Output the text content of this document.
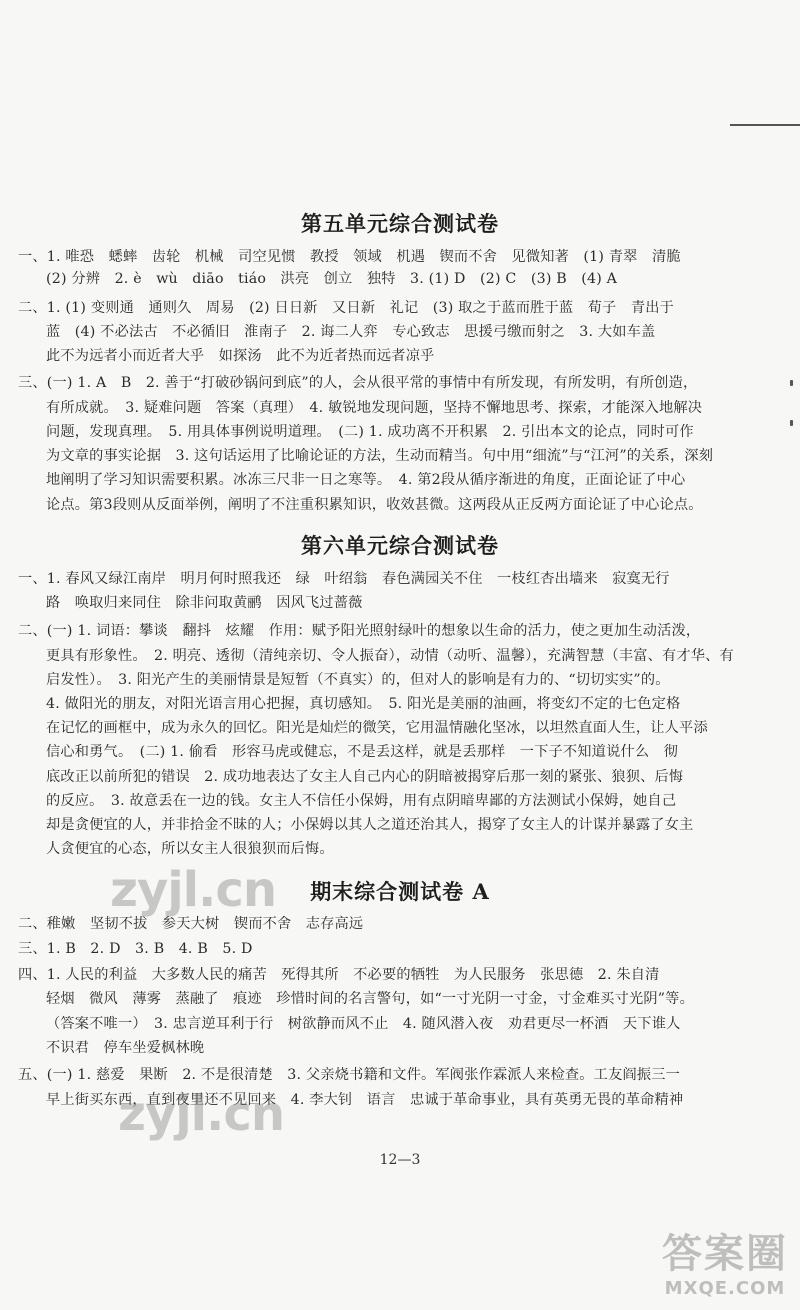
第五单元综合测试卷
一、1. 唯恐　蟋蟀　齿轮　机械　司空见惯　教授　领域　机遇　锲而不舍　见微知著　(1) 青翠　清脆
(2) 分辨　2. è　wù　diāo　tiáo　洪亮　创立　独特　3. (1) D　(2) C　(3) B　(4) A
二、1. (1) 变则通　通则久　周易　(2) 日日新　又日新　礼记　(3) 取之于蓝而胜于蓝　荀子　青出于
蓝　(4) 不必法古　不必循旧　淮南子　2. 诲二人弈　专心致志　思援弓缴而射之　3. 大如车盖
此不为远者小而近者大乎　如探汤　此不为近者热而远者凉乎
三、(一) 1. A　B　2. 善于“打破砂锅问到底”的人，会从很平常的事情中有所发现，有所发明，有所创造，
有所成就。　3. 疑难问题　答案（真理）　4. 敏锐地发现问题，坚持不懈地思考、探索，才能深入地解决
问题，发现真理。　5. 用具体事例说明道理。　(二) 1. 成功离不开积累　2. 引出本文的论点，同时可作
为文章的事实论据　3. 这句话运用了比喻论证的方法，生动而精当。句中用“细流”与“江河”的关系，深刻
地阐明了学习知识需要积累。冰冻三尺非一日之寒等。　4. 第2段从循序渐进的角度，正面论证了中心
论点。第3段则从反面举例，阐明了不注重积累知识，收效甚微。这两段从正反两方面论证了中心论点。
第六单元综合测试卷
一、1. 春风又绿江南岸　明月何时照我还　绿　叶绍翁　春色满园关不住　一枝红杏出墙来　寂寞无行
路　唤取归来同住　除非问取黄鹂　因风飞过蔷薇
二、(一) 1. 词语：攀谈　翻抖　炫耀　作用：赋予阳光照射绿叶的想象以生命的活力，使之更加生动活泼，
更具有形象性。　2. 明亮、透彻（清纯亲切、令人振奋），动情（动听、温馨），充满智慧（丰富、有才华、有
启发性）。　3. 阳光产生的美丽情景是短暂（不真实）的，但对人的影响是有力的、“切切实实”的。
4. 做阳光的朋友，对阳光语言用心把握，真切感知。　5. 阳光是美丽的油画，将变幻不定的七色定格
在记忆的画框中，成为永久的回忆。阳光是灿烂的微笑，它用温情融化坚冰，以坦然直面人生，让人平添
信心和勇气。　(二) 1. 偷看　形容马虎或健忘，不是丢这样，就是丢那样　一下子不知道说什么　彻
底改正以前所犯的错误　2. 成功地表达了女主人自己内心的阴暗被揭穿后那一刻的紧张、狼狈、后悔
的反应。　3. 故意丢在一边的钱。女主人不信任小保姆，用有点阴暗卑鄙的方法测试小保姆，她自己
却是贪便宜的人，并非拾金不昧的人；小保姆以其人之道还治其人，揭穿了女主人的计谋并暴露了女主
人贪便宜的心态，所以女主人很狼狈而后悔。
期末综合测试卷 A
二、稚嫩　坚韧不拔　参天大树　锲而不舍　志存高远
三、1. B　2. D　3. B　4. B　5. D
四、1. 人民的利益　大多数人民的痛苦　死得其所　不必要的牺牲　为人民服务　张思德　2. 朱自清
轻烟　微风　薄雾　蒸融了　痕迹　珍惜时间的名言警句，如“一寸光阴一寸金，寸金难买寸光阴”等。
（答案不唯一）　3. 忠言逆耳利于行　树欲静而风不止　4. 随风潜入夜　劝君更尽一杯酒　天下谁人
不识君　停车坐爱枫林晚
五、(一) 1. 慈爱　果断　2. 不是很清楚　3. 父亲烧书籍和文件。军阀张作霖派人来检查。工友阎振三一
早上街买东西，直到夜里还不见回来　4. 李大钊　语言　忠诚于革命事业，具有英勇无畏的革命精神
12—3
zyjl.cn
zyjl.cn
答案圈
MXQE.COM
